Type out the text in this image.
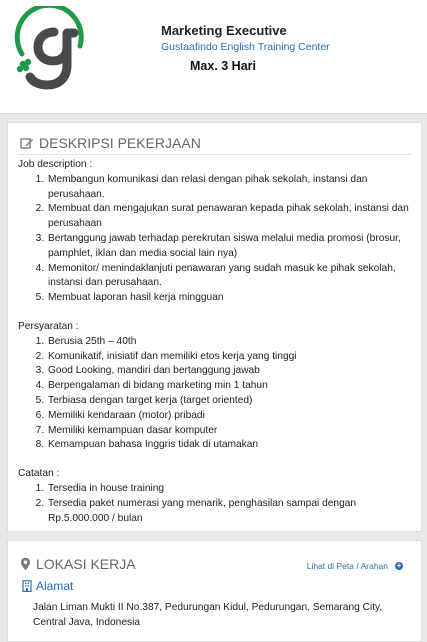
Marketing Executive
Gustaafindo English Training Center
Max. 3 Hari
DESKRIPSI PEKERJAAN

Job description :

1. Membangun komunikasi dan relasi dengan pihak sekolah, instansi dan perusahaan.
2. Membuat dan mengajukan surat penawaran kepada pihak sekolah, instansi dan perusahaan
3. Bertanggung jawab terhadap perekrutan siswa melalui media promosi (brosur, pamphlet, iklan dan media social lain nya)
4. Memonitor/ menindaklanjuti penawaran yang sudah masuk ke pihak sekolah, instansi dan perusahaan.
5. Membuat laporan hasil kerja mingguan

Persyaratan :

1. Berusia 25th – 40th
2. Komunikatif, inisiatif dan memiliki etos kerja yang tinggi
3. Good Looking, mandiri dan bertanggung jawab
4. Berpengalaman di bidang marketing min 1 tahun
5. Terbiasa dengan target kerja (target oriented)
6. Memiliki kendaraan (motor) pribadi
7. Memiliki kemampuan dasar komputer
8. Kemampuan bahasa Inggris tidak di utamakan

Catatan :

1. Tersedia in house training
2. Tersedia paket numerasi yang menarik, penghasilan sampai dengan Rp.5.000.000 / bulan
LOKASI KERJA	Lihat di Peta / Arahan +
Alamat
Jalan Liman Mukti II No.387, Pedurungan Kidul, Pedurungan, Semarang City, Central Java, Indonesia
